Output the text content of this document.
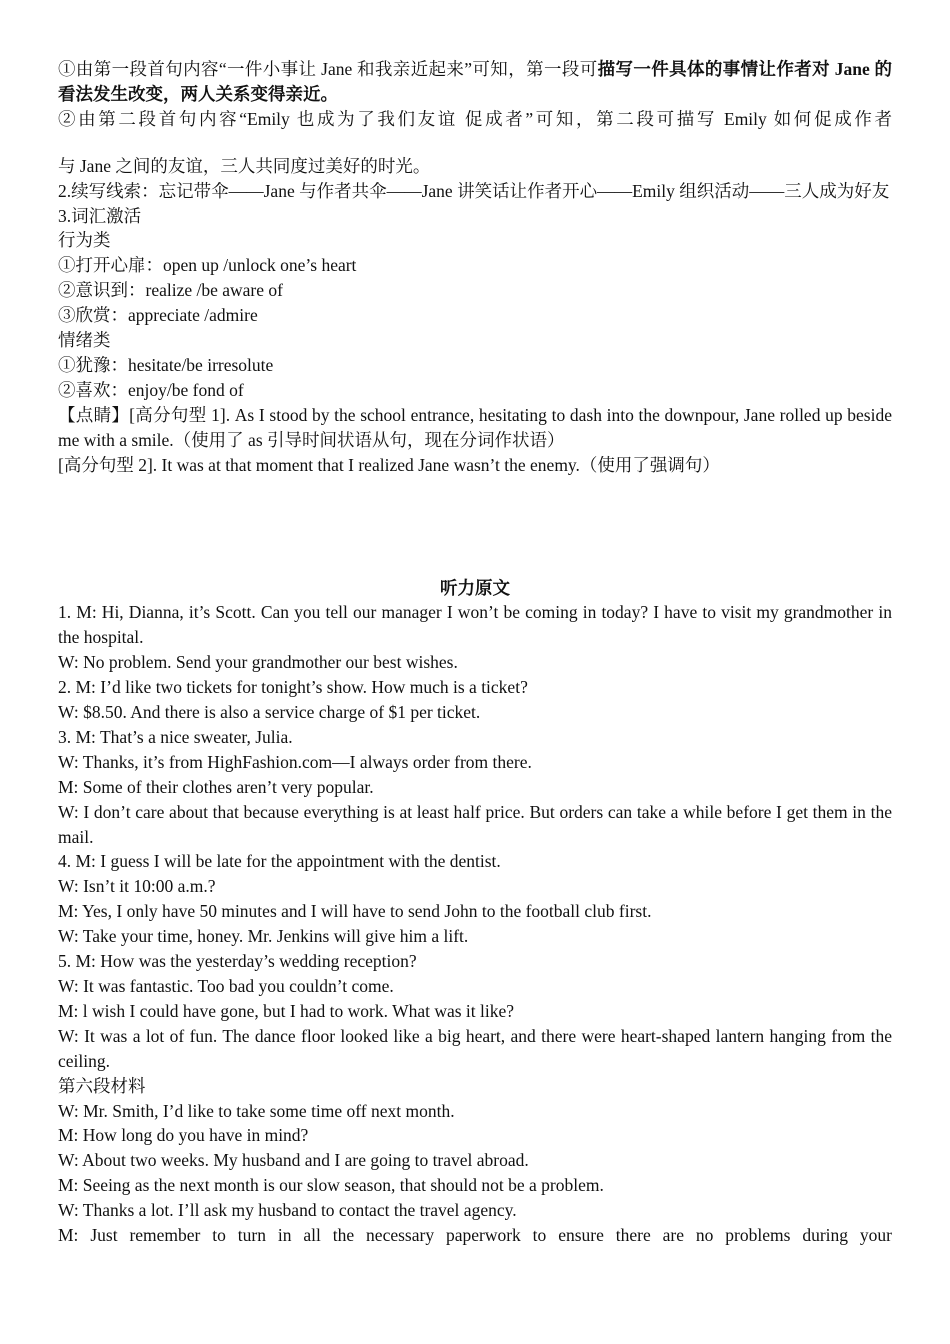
①由第一段首句内容“一件小事让 Jane 和我亲近起来”可知，第一段可描写一件具体的事情让作者对 Jane 的看法发生改变，两人关系变得亲近。

②由第二段首句内容“Emily 也成为了我们友谊 促成者”可知，第二段可描写 Emily 如何促成作者

与 Jane 之间的友谊，三人共同度过美好的时光。

2.续写线索：忘记带伞——Jane 与作者共伞——Jane 讲笑话让作者开心——Emily 组织活动——三人成为好友

3.词汇激活

行为类

①打开心扉：open up /unlock one’s heart

②意识到：realize /be aware of

③欣赏：appreciate /admire

情绪类

①犹豫：hesitate/be irresolute

②喜欢：enjoy/be fond of

【点睛】[高分句型 1]. As I stood by the school entrance, hesitating to dash into the downpour, Jane rolled up beside me with a smile.（使用了 as 引导时间状语从句，现在分词作状语）

[高分句型 2]. It was at that moment that I realized Jane wasn’t the enemy.（使用了强调句）

听力原文

1. M: Hi, Dianna, it’s Scott. Can you tell our manager I won’t be coming in today? I have to visit my grandmother in the hospital.

W: No problem. Send your grandmother our best wishes.

2. M: I’d like two tickets for tonight’s show. How much is a ticket?

W: $8.50. And there is also a service charge of $1 per ticket.

3. M: That’s a nice sweater, Julia.

W: Thanks, it’s from HighFashion.com—I always order from there.

M: Some of their clothes aren’t very popular.

W: I don’t care about that because everything is at least half price. But orders can take a while before I get them in the mail.

4. M: I guess I will be late for the appointment with the dentist.

W: Isn’t it 10:00 a.m.?

M: Yes, I only have 50 minutes and I will have to send John to the football club first.

W: Take your time, honey. Mr. Jenkins will give him a lift.

5. M: How was the yesterday’s wedding reception?

W: It was fantastic. Too bad you couldn’t come.

M: l wish I could have gone, but I had to work. What was it like?

W: It was a lot of fun. The dance floor looked like a big heart, and there were heart-shaped lantern hanging from the ceiling.

第六段材料

W: Mr. Smith, I’d like to take some time off next month.

M: How long do you have in mind?

W: About two weeks. My husband and I are going to travel abroad.

M: Seeing as the next month is our slow season, that should not be a problem.

W: Thanks a lot. I’ll ask my husband to contact the travel agency.

M: Just remember to turn in all the necessary paperwork to ensure there are no problems during your
